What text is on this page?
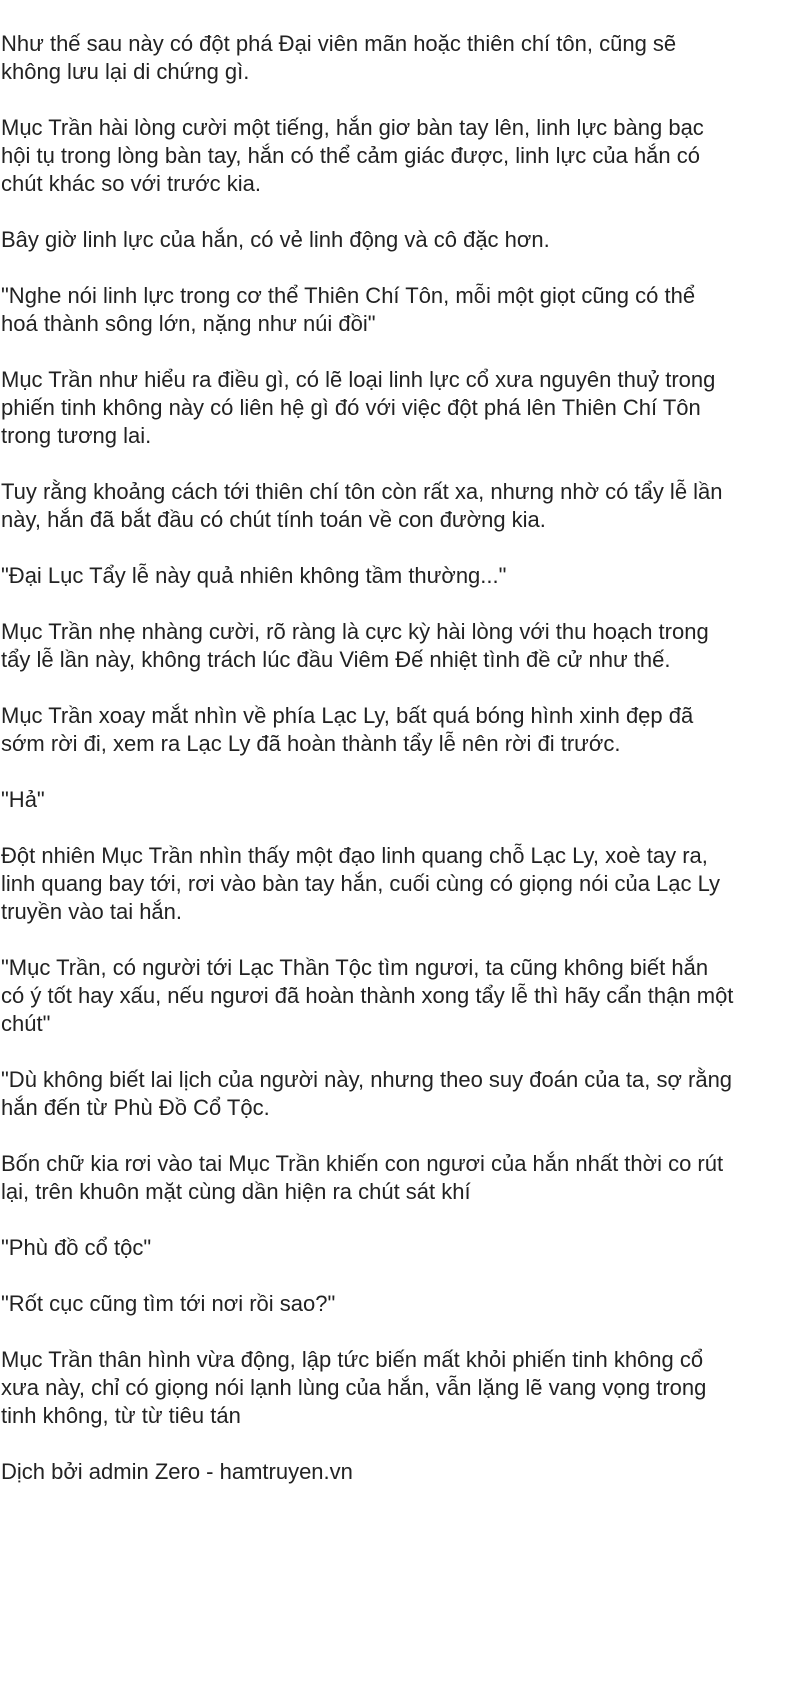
Như thế sau này có đột phá Đại viên mãn hoặc thiên chí tôn, cũng sẽ
không lưu lại di chứng gì.

Mục Trần hài lòng cười một tiếng, hắn giơ bàn tay lên, linh lực bàng bạc
hội tụ trong lòng bàn tay, hắn có thể cảm giác được, linh lực của hắn có
chút khác so với trước kia.

Bây giờ linh lực của hắn, có vẻ linh động và cô đặc hơn.

"Nghe nói linh lực trong cơ thể Thiên Chí Tôn, mỗi một giọt cũng có thể
hoá thành sông lớn, nặng như núi đồi"

Mục Trần như hiểu ra điều gì, có lẽ loại linh lực cổ xưa nguyên thuỷ trong
phiến tinh không này có liên hệ gì đó với việc đột phá lên Thiên Chí Tôn
trong tương lai.

Tuy rằng khoảng cách tới thiên chí tôn còn rất xa, nhưng nhờ có tẩy lễ lần
này, hắn đã bắt đầu có chút tính toán về con đường kia.

"Đại Lục Tẩy lễ này quả nhiên không tầm thường..."

Mục Trần nhẹ nhàng cười, rõ ràng là cực kỳ hài lòng với thu hoạch trong
tẩy lễ lần này, không trách lúc đầu Viêm Đế nhiệt tình đề cử như thế.

Mục Trần xoay mắt nhìn về phía Lạc Ly, bất quá bóng hình xinh đẹp đã
sớm rời đi, xem ra Lạc Ly đã hoàn thành tẩy lễ nên rời đi trước.

"Hả"

Đột nhiên Mục Trần nhìn thấy một đạo linh quang chỗ Lạc Ly, xoè tay ra,
linh quang bay tới, rơi vào bàn tay hắn, cuối cùng có giọng nói của Lạc Ly
truyền vào tai hắn.

"Mục Trần, có người tới Lạc Thần Tộc tìm ngươi, ta cũng không biết hắn
có ý tốt hay xấu, nếu ngươi đã hoàn thành xong tẩy lễ thì hãy cẩn thận một
chút"

"Dù không biết lai lịch của người này, nhưng theo suy đoán của ta, sợ rằng
hắn đến từ Phù Đồ Cổ Tộc.

Bốn chữ kia rơi vào tai Mục Trần khiến con ngươi của hắn nhất thời co rút
lại, trên khuôn mặt cùng dần hiện ra chút sát khí

"Phù đồ cổ tộc"

"Rốt cục cũng tìm tới nơi rồi sao?"

Mục Trần thân hình vừa động, lập tức biến mất khỏi phiến tinh không cổ
xưa này, chỉ có giọng nói lạnh lùng của hắn, vẫn lặng lẽ vang vọng trong
tinh không, từ từ tiêu tán

Dịch bởi admin Zero - hamtruyen.vn
